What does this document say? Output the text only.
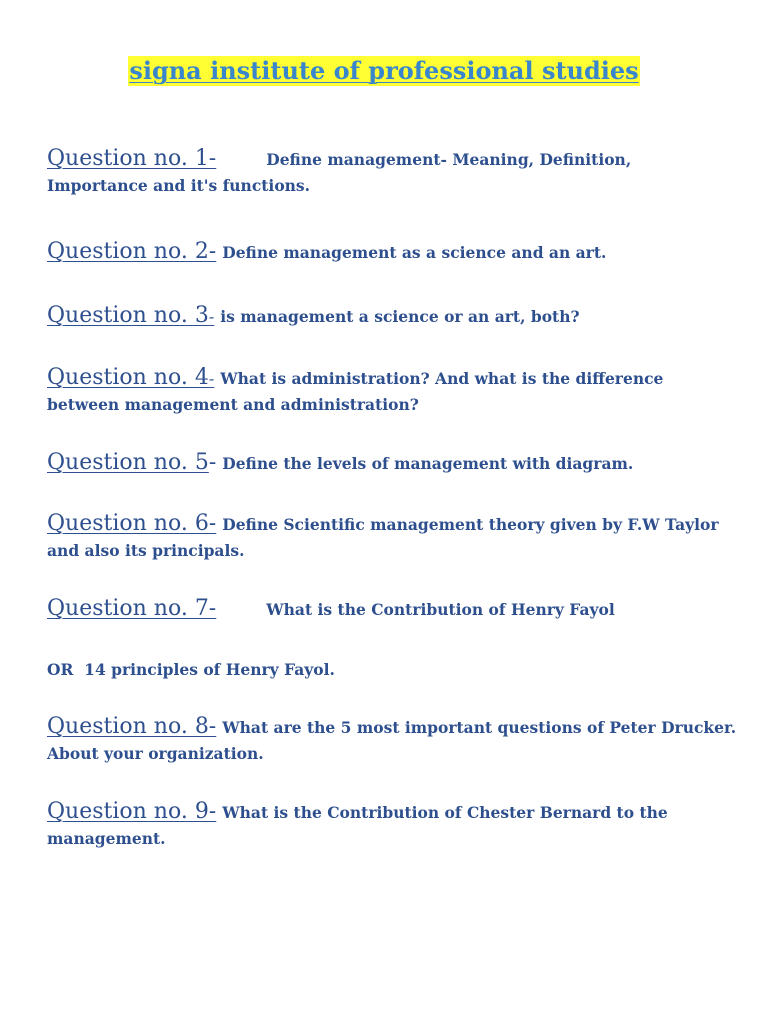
signa institute of professional studies
Question no. 1-	Define management- Meaning, Definition,
Importance and it's functions.
Question no. 2- Define management as a science and an art.
Question no. 3- is management a science or an art, both?
Question no. 4- What is administration? And what is the difference
between management and administration?
Question no. 5- Define the levels of management with diagram.
Question no. 6- Define Scientific management theory given by F.W Taylor
and also its principals.
Question no. 7-	What is the Contribution of Henry Fayol
OR  14 principles of Henry Fayol.
Question no. 8- What are the 5 most important questions of Peter Drucker.
About your organization.
Question no. 9- What is the Contribution of Chester Bernard to the
management.
